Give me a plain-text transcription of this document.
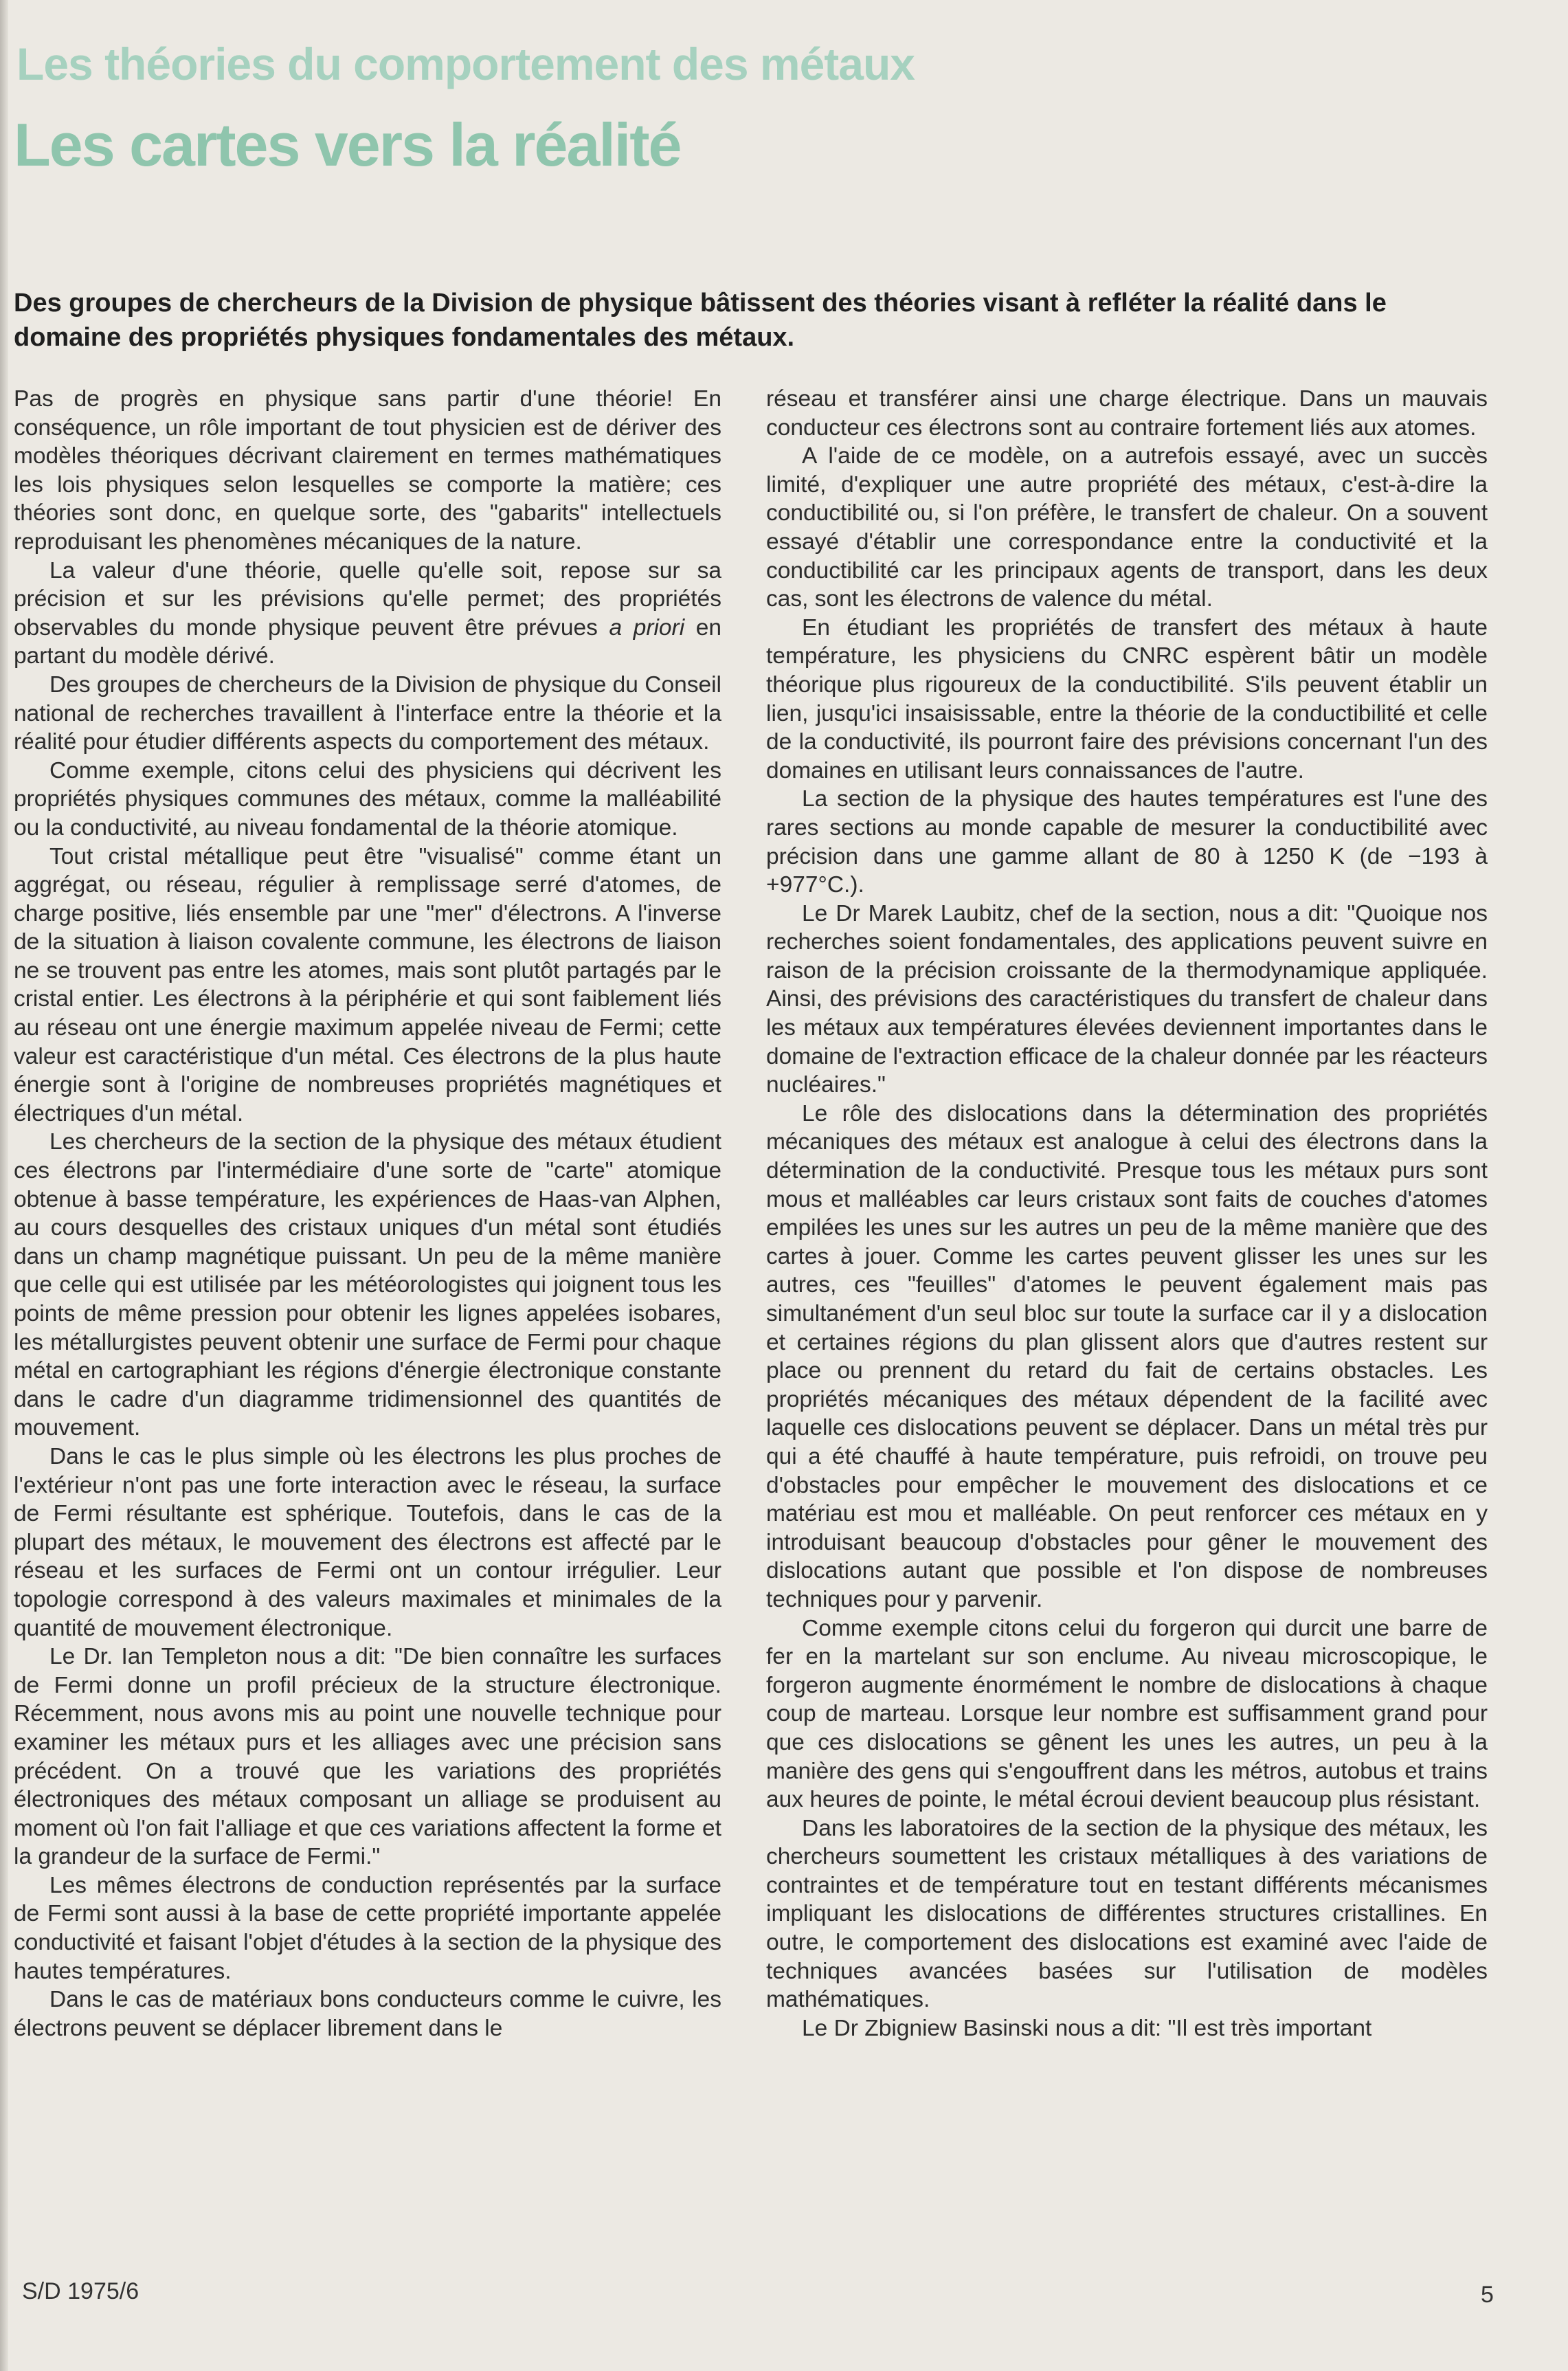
Les théories du comportement des métaux
Les cartes vers la réalité
Des groupes de chercheurs de la Division de physique bâtissent des théories visant à refléter la réalité dans le domaine des propriétés physiques fondamentales des métaux.

Pas de progrès en physique sans partir d'une théorie! En conséquence, un rôle important de tout physicien est de dériver des modèles théoriques décrivant clairement en termes mathématiques les lois physiques selon lesquelles se comporte la matière; ces théories sont donc, en quelque sorte, des "gabarits" intellectuels reproduisant les phenomènes mécaniques de la nature.

La valeur d'une théorie, quelle qu'elle soit, repose sur sa précision et sur les prévisions qu'elle permet; des propriétés observables du monde physique peuvent être prévues a priori en partant du modèle dérivé.

Des groupes de chercheurs de la Division de physique du Conseil national de recherches travaillent à l'interface entre la théorie et la réalité pour étudier différents aspects du comportement des métaux.

Comme exemple, citons celui des physiciens qui décrivent les propriétés physiques communes des métaux, comme la malléabilité ou la conductivité, au niveau fondamental de la théorie atomique.

Tout cristal métallique peut être "visualisé" comme étant un aggrégat, ou réseau, régulier à remplissage serré d'atomes, de charge positive, liés ensemble par une "mer" d'électrons. A l'inverse de la situation à liaison covalente commune, les électrons de liaison ne se trouvent pas entre les atomes, mais sont plutôt partagés par le cristal entier. Les électrons à la périphérie et qui sont faiblement liés au réseau ont une énergie maximum appelée niveau de Fermi; cette valeur est caractéristique d'un métal. Ces électrons de la plus haute énergie sont à l'origine de nombreuses propriétés magnétiques et électriques d'un métal.

Les chercheurs de la section de la physique des métaux étudient ces électrons par l'intermédiaire d'une sorte de "carte" atomique obtenue à basse température, les expériences de Haas-van Alphen, au cours desquelles des cristaux uniques d'un métal sont étudiés dans un champ magnétique puissant. Un peu de la même manière que celle qui est utilisée par les météorologistes qui joignent tous les points de même pression pour obtenir les lignes appelées isobares, les métallurgistes peuvent obtenir une surface de Fermi pour chaque métal en cartographiant les régions d'énergie électronique constante dans le cadre d'un diagramme tridimensionnel des quantités de mouvement.

Dans le cas le plus simple où les électrons les plus proches de l'extérieur n'ont pas une forte interaction avec le réseau, la surface de Fermi résultante est sphérique. Toutefois, dans le cas de la plupart des métaux, le mouvement des électrons est affecté par le réseau et les surfaces de Fermi ont un contour irrégulier. Leur topologie correspond à des valeurs maximales et minimales de la quantité de mouvement électronique.

Le Dr. Ian Templeton nous a dit: "De bien connaître les surfaces de Fermi donne un profil précieux de la structure électronique. Récemment, nous avons mis au point une nouvelle technique pour examiner les métaux purs et les alliages avec une précision sans précédent. On a trouvé que les variations des propriétés électroniques des métaux composant un alliage se produisent au moment où l'on fait l'alliage et que ces variations affectent la forme et la grandeur de la surface de Fermi."

Les mêmes électrons de conduction représentés par la surface de Fermi sont aussi à la base de cette propriété importante appelée conductivité et faisant l'objet d'études à la section de la physique des hautes températures.

Dans le cas de matériaux bons conducteurs comme le cuivre, les électrons peuvent se déplacer librement dans le

réseau et transférer ainsi une charge électrique. Dans un mauvais conducteur ces électrons sont au contraire fortement liés aux atomes.

A l'aide de ce modèle, on a autrefois essayé, avec un succès limité, d'expliquer une autre propriété des métaux, c'est-à-dire la conductibilité ou, si l'on préfère, le transfert de chaleur. On a souvent essayé d'établir une correspondance entre la conductivité et la conductibilité car les principaux agents de transport, dans les deux cas, sont les électrons de valence du métal.

En étudiant les propriétés de transfert des métaux à haute température, les physiciens du CNRC espèrent bâtir un modèle théorique plus rigoureux de la conductibilité. S'ils peuvent établir un lien, jusqu'ici insaisissable, entre la théorie de la conductibilité et celle de la conductivité, ils pourront faire des prévisions concernant l'un des domaines en utilisant leurs connaissances de l'autre.

La section de la physique des hautes températures est l'une des rares sections au monde capable de mesurer la conductibilité avec précision dans une gamme allant de 80 à 1250 K (de −193 à +977°C.).

Le Dr Marek Laubitz, chef de la section, nous a dit: "Quoique nos recherches soient fondamentales, des applications peuvent suivre en raison de la précision croissante de la thermodynamique appliquée. Ainsi, des prévisions des caractéristiques du transfert de chaleur dans les métaux aux températures élevées deviennent importantes dans le domaine de l'extraction efficace de la chaleur donnée par les réacteurs nucléaires."

Le rôle des dislocations dans la détermination des propriétés mécaniques des métaux est analogue à celui des électrons dans la détermination de la conductivité. Presque tous les métaux purs sont mous et malléables car leurs cristaux sont faits de couches d'atomes empilées les unes sur les autres un peu de la même manière que des cartes à jouer. Comme les cartes peuvent glisser les unes sur les autres, ces "feuilles" d'atomes le peuvent également mais pas simultanément d'un seul bloc sur toute la surface car il y a dislocation et certaines régions du plan glissent alors que d'autres restent sur place ou prennent du retard du fait de certains obstacles. Les propriétés mécaniques des métaux dépendent de la facilité avec laquelle ces dislocations peuvent se déplacer. Dans un métal très pur qui a été chauffé à haute température, puis refroidi, on trouve peu d'obstacles pour empêcher le mouvement des dislocations et ce matériau est mou et malléable. On peut renforcer ces métaux en y introduisant beaucoup d'obstacles pour gêner le mouvement des dislocations autant que possible et l'on dispose de nombreuses techniques pour y parvenir.

Comme exemple citons celui du forgeron qui durcit une barre de fer en la martelant sur son enclume. Au niveau microscopique, le forgeron augmente énormément le nombre de dislocations à chaque coup de marteau. Lorsque leur nombre est suffisamment grand pour que ces dislocations se gênent les unes les autres, un peu à la manière des gens qui s'engouffrent dans les métros, autobus et trains aux heures de pointe, le métal écroui devient beaucoup plus résistant.

Dans les laboratoires de la section de la physique des métaux, les chercheurs soumettent les cristaux métalliques à des variations de contraintes et de température tout en testant différents mécanismes impliquant les dislocations de différentes structures cristallines. En outre, le comportement des dislocations est examiné avec l'aide de techniques avancées basées sur l'utilisation de modèles mathématiques.

Le Dr Zbigniew Basinski nous a dit: "Il est très important

S/D 1975/6	5
